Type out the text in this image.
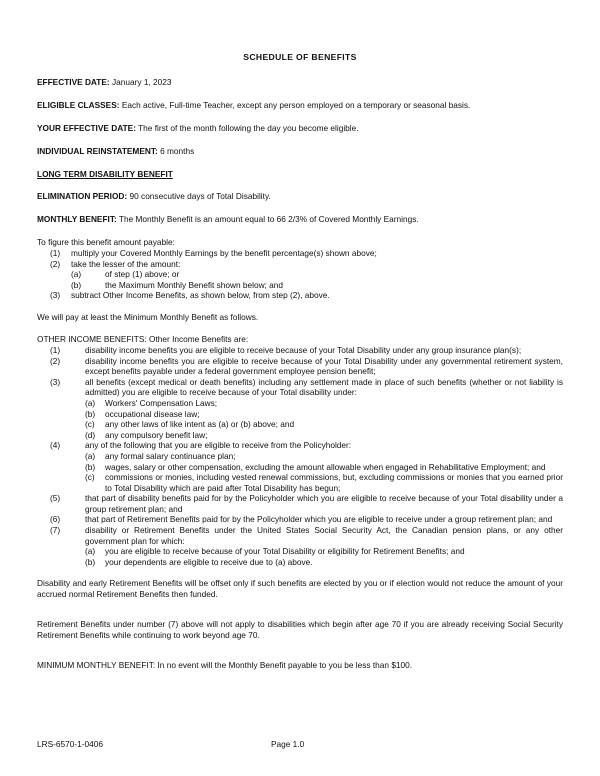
SCHEDULE OF BENEFITS

EFFECTIVE DATE: January 1, 2023

ELIGIBLE CLASSES: Each active, Full-time Teacher, except any person employed on a temporary or seasonal basis.

YOUR EFFECTIVE DATE: The first of the month following the day you become eligible.

INDIVIDUAL REINSTATEMENT: 6 months

LONG TERM DISABILITY BENEFIT

ELIMINATION PERIOD: 90 consecutive days of Total Disability.

MONTHLY BENEFIT: The Monthly Benefit is an amount equal to 66 2/3% of Covered Monthly Earnings.

To figure this benefit amount payable:

(1)	multiply your Covered Monthly Earnings by the benefit percentage(s) shown above;
(2)	take the lesser of the amount:
(a)	of step (1) above; or
(b)	the Maximum Monthly Benefit shown below; and
(3)	subtract Other Income Benefits, as shown below, from step (2), above.

We will pay at least the Minimum Monthly Benefit as follows.

OTHER INCOME BENEFITS: Other Income Benefits are:

(1)	disability income benefits you are eligible to receive because of your Total Disability under any group insurance plan(s);
(2)	disability income benefits you are eligible to receive because of your Total Disability under any governmental retirement system, except benefits payable under a federal government employee pension benefit;
(3)	all benefits (except medical or death benefits) including any settlement made in place of such benefits (whether or not liability is admitted) you are eligible to receive because of your Total disability under:
(a)	Workers' Compensation Laws;
(b)	occupational disease law;
(c)	any other laws of like intent as (a) or (b) above; and
(d)	any compulsory benefit law;
(4)	any of the following that you are eligible to receive from the Policyholder:
(a)	any formal salary continuance plan;
(b)	wages, salary or other compensation, excluding the amount allowable when engaged in Rehabilitative Employment; and
(c)	commissions or monies, including vested renewal commissions, but, excluding commissions or monies that you earned prior to Total Disability which are paid after Total Disability has begun;
(5)	that part of disability benefits paid for by the Policyholder which you are eligible to receive because of your Total disability under a group retirement plan; and
(6)	that part of Retirement Benefits paid for by the Policyholder which you are eligible to receive under a group retirement plan; and
(7)	disability or Retirement Benefits under the United States Social Security Act, the Canadian pension plans, or any other government plan for which:
(a)	you are eligible to receive because of your Total Disability or eligibility for Retirement Benefits; and
(b)	your dependents are eligible to receive due to (a) above.

Disability and early Retirement Benefits will be offset only if such benefits are elected by you or if election would not reduce the amount of your accrued normal Retirement Benefits then funded.

Retirement Benefits under number (7) above will not apply to disabilities which begin after age 70 if you are already receiving Social Security Retirement Benefits while continuing to work beyond age 70.

MINIMUM MONTHLY BENEFIT: In no event will the Monthly Benefit payable to you be less than $100.

LRS-6570-1-0406	Page 1.0
